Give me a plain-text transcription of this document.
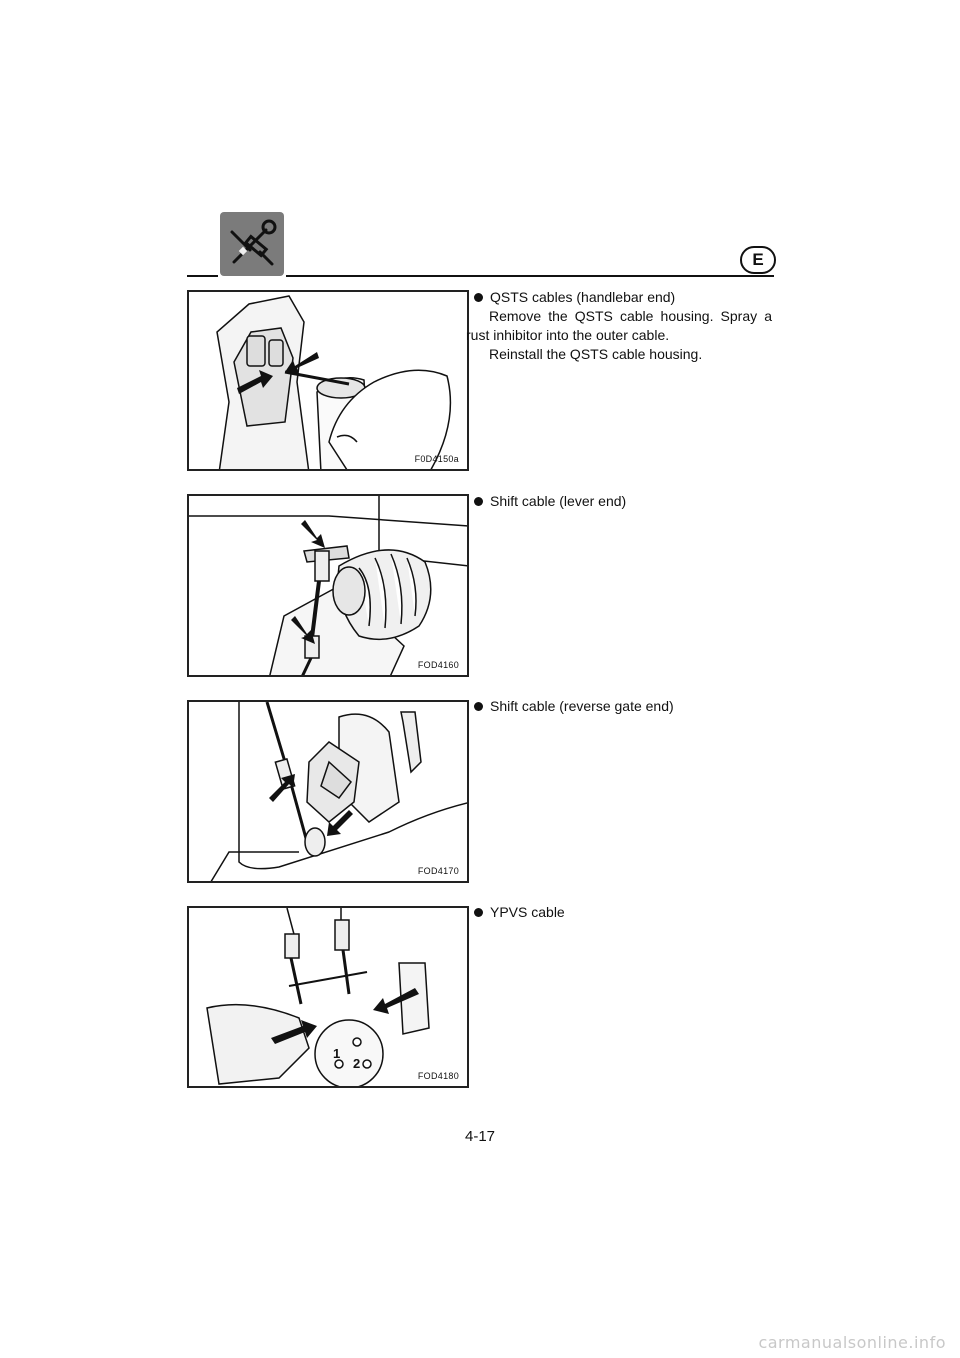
E
F0D4150a
QSTS cables (handlebar end)

Remove the QSTS cable housing. Spray a rust inhibitor into the outer cable.

Reinstall the QSTS cable housing.
FOD4160
Shift cable (lever end)
FOD4170
Shift cable (reverse gate end)
1
2
FOD4180
YPVS cable
4-17
carmanualsonline.info
